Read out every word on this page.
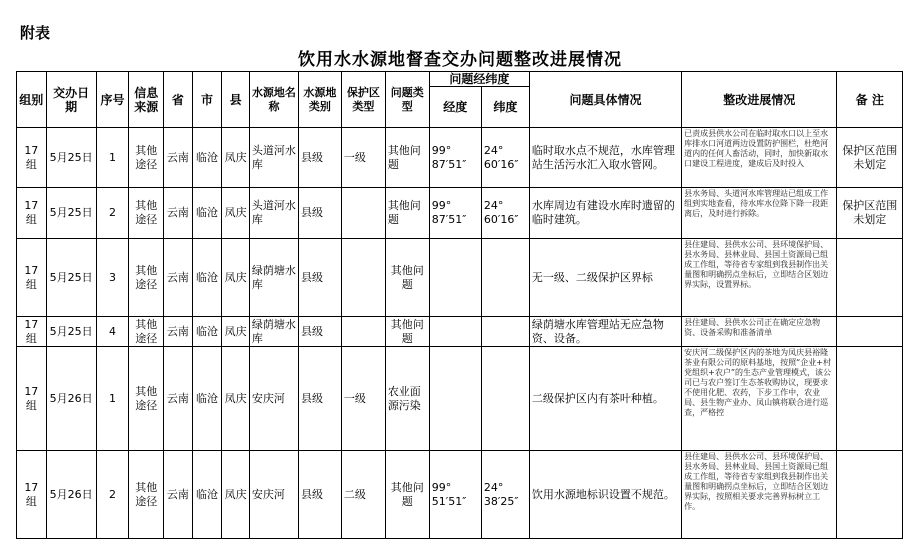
附表
饮用水水源地督查交办问题整改进展情况
组别	交办日期	序号	信息来源	省	市	县	水源地名称	水源地类别	保护区类型	问题类型	问题经纬度		问题具体情况	整改进展情况	备 注
											经度	纬度			
17组	5月25日	1	其他途径	云南	临沧	凤庆	头道河水库	县级	一级	其他问题	99° 87′51″	24° 60′16″	临时取水点不规范，水库管理站生活污水汇入取水管网。	已责成县供水公司在临时取水口以上至水库排水口河道两边设置防护围栏，杜绝河道内的任何人畜活动，同时，加快新取水口建设工程进度，建成后及时投入	保护区范围未划定
17组	5月25日	2	其他途径	云南	临沧	凤庆	头道河水库	县级		其他问题	99° 87′51″	24° 60′16″	水库周边有建设水库时遗留的临时建筑。	县水务局、头道河水库管理站已组成工作组到实地查看，待水库水位降下降一段距离后，及时进行拆除。	保护区范围未划定
17组	5月25日	3	其他途径	云南	临沧	凤庆	绿荫塘水库	县级		其他问题			无一级、二级保护区界标	县住建局、县供水公司、县环境保护局、县水务局、县林业局、县国土资源局已组成工作组，等待省专家组到我县制作出关量图和明确拐点坐标后，立即结合区划边界实际，设置界标。	

17组	5月25日	4	其他途径	云南	临沧	凤庆	绿荫塘水库	县级		其他问题			绿荫塘水库管理站无应急物资、设备。	县住建局、县供水公司正在确定应急物资、设备采购和准备清单	

17组	5月26日	1	其他途径	云南	临沧	凤庆	安庆河	县级	一级	农业面源污染			二级保护区内有茶叶种植。	安庆河二级保护区内的茶地为凤庆县裕隆茶业有限公司的原料基地，按照“企业+村党组织+农户”的生态产业管理模式，该公司已与农户签订生态茶收购协议，现要求不使用化肥、农药，下步工作中，农业局、县生物产业办、凤山镇将联合进行巡查，严格控	

17组	5月26日	2	其他途径	云南	临沧	凤庆	安庆河	县级	二级	其他问题	99° 51′51″	24° 38′25″	饮用水源地标识设置不规范。	县住建局、县供水公司、县环境保护局、县水务局、县林业局、县国土资源局已组成工作组，等待省专家组到我县制作出关量图和明确拐点坐标后，立即结合区划边界实际，按照相关要求完善界标树立工作。	
